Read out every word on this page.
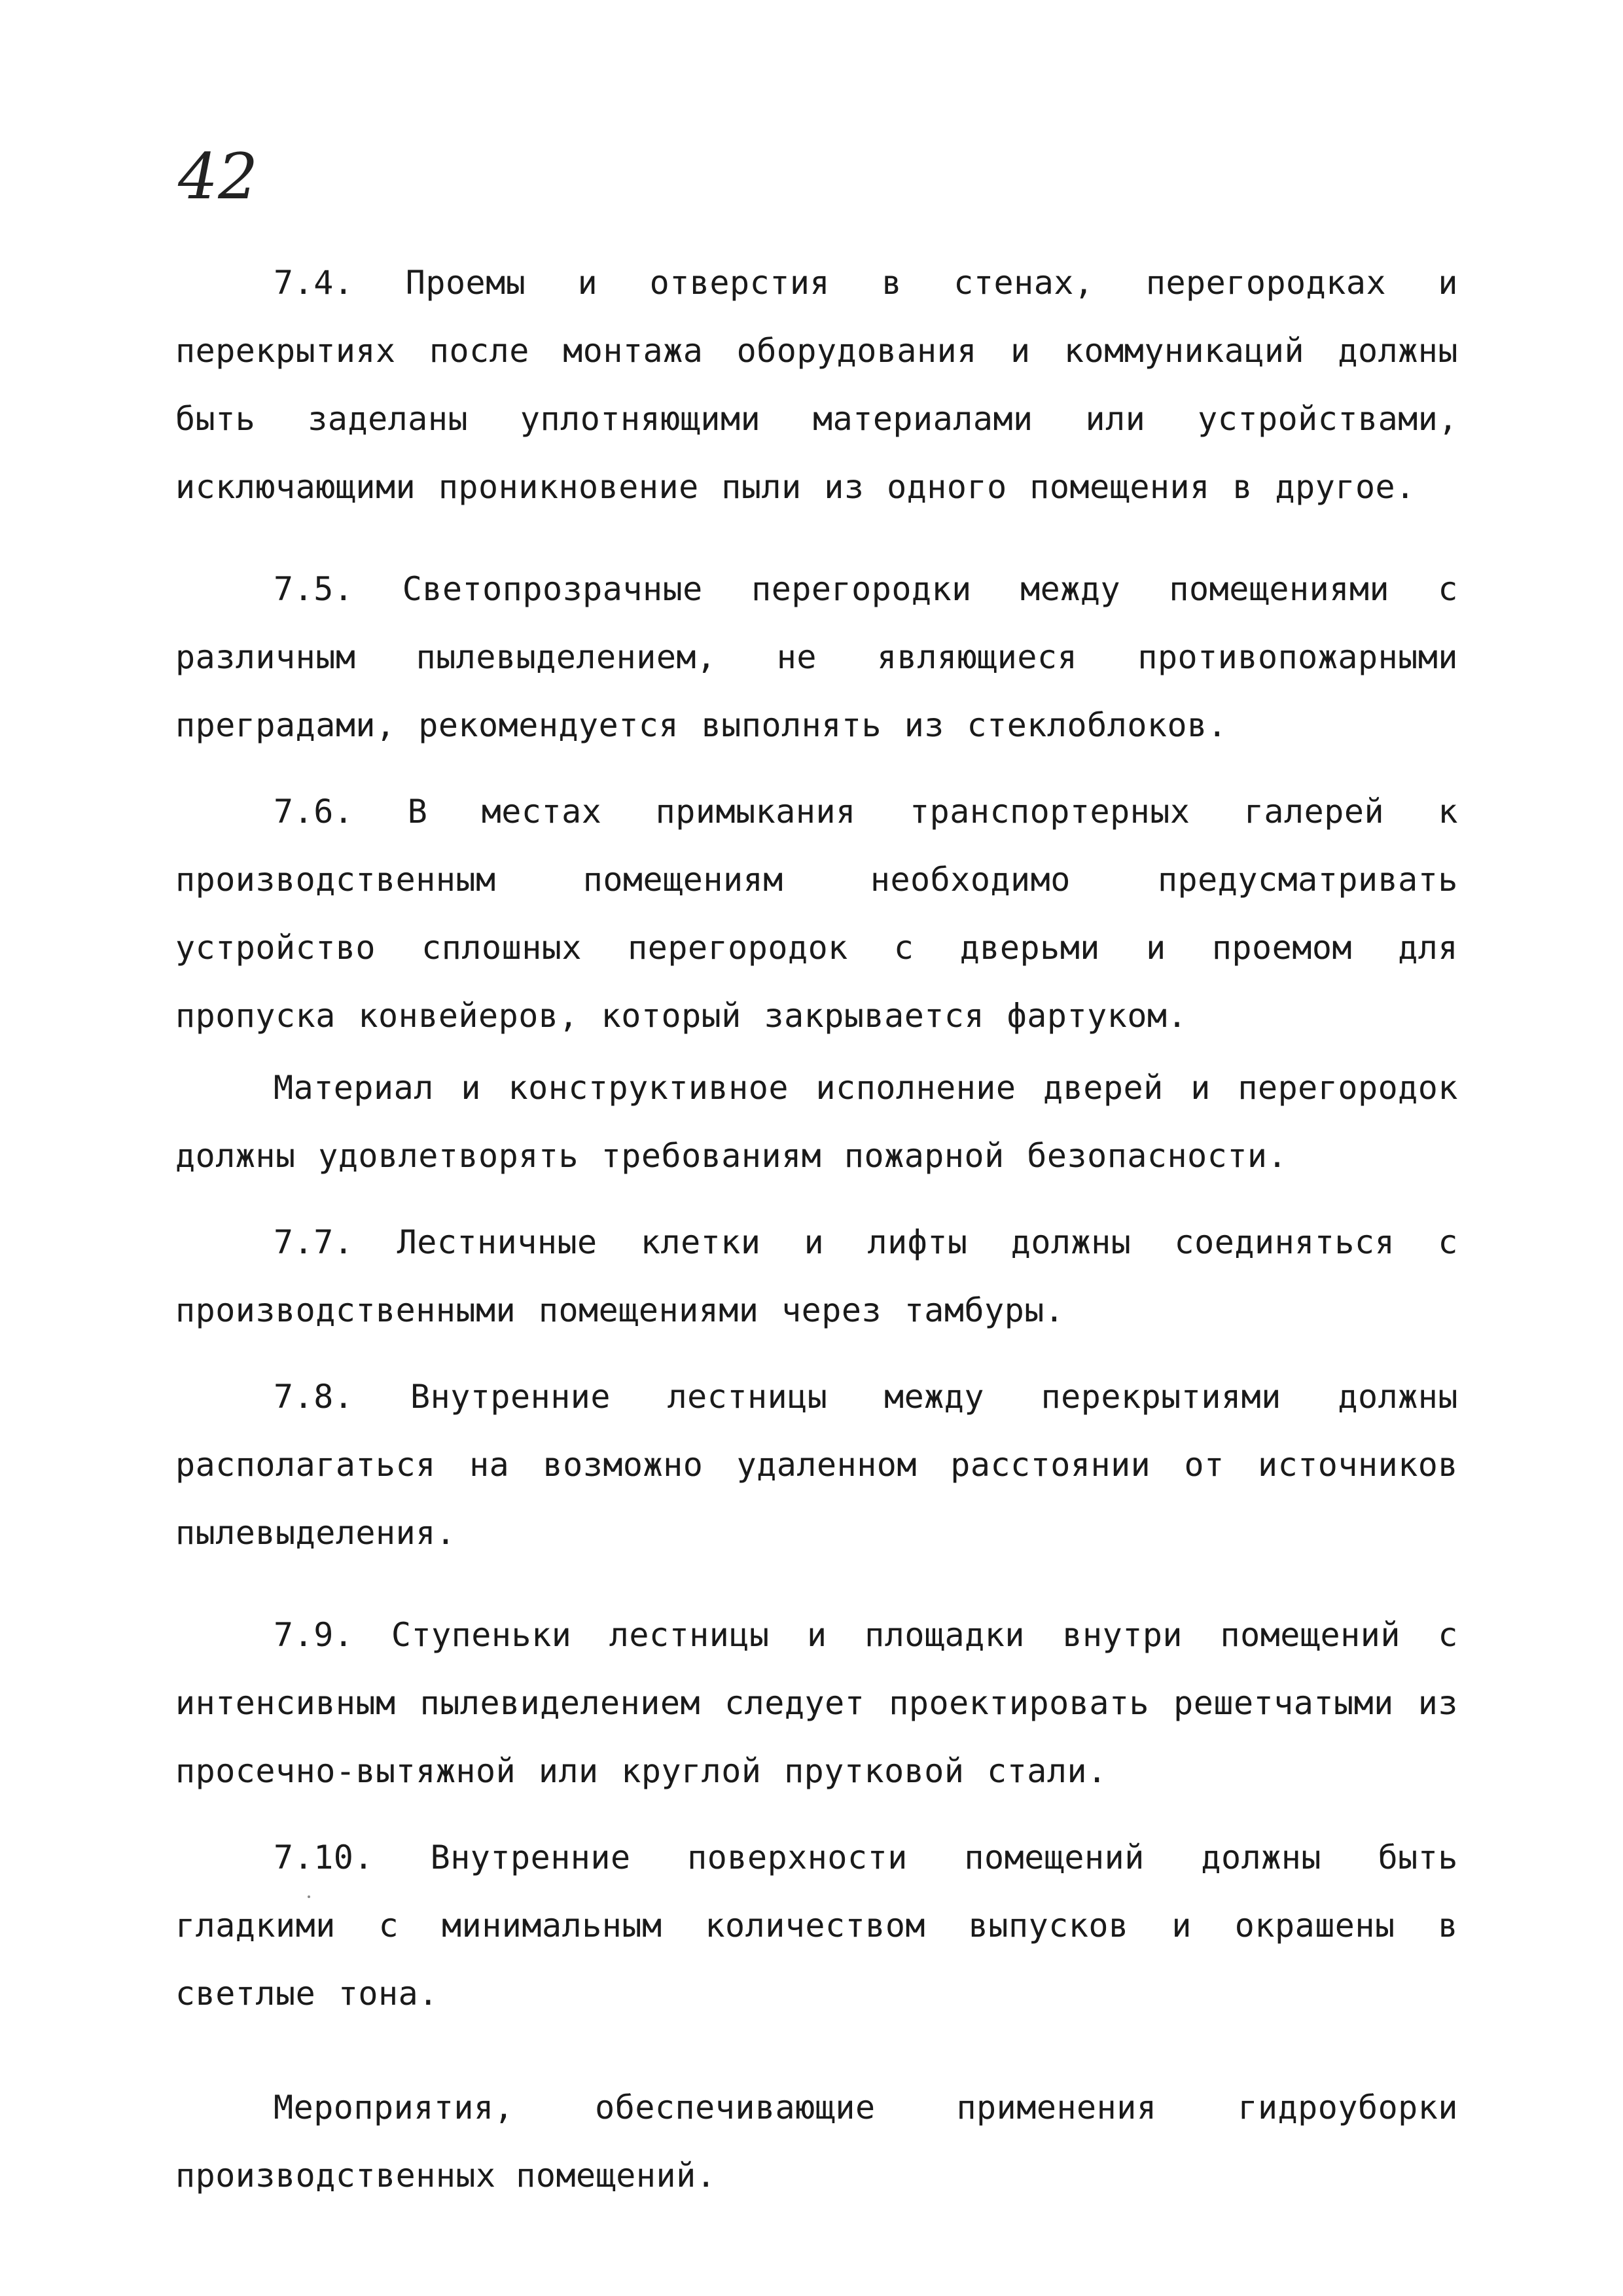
42

7.4. Проемы и отверстия в стенах, перегородках и перекрытиях после монтажа оборудования и коммуникаций должны быть заделаны уплотняющими материалами или устройствами, исключающими проникновение пыли из одного помещения в другое.

7.5. Светопрозрачные перегородки между помещениями с различным пылевыделением, не являющиеся противопожарными преградами, рекомендуется выполнять из стеклоблоков.

7.6. В местах примыкания транспортерных галерей к производственным помещениям необходимо предусматривать устройство сплошных перегородок с дверьми и проемом для пропуска конвейеров, который закрывается фартуком.

Материал и конструктивное исполнение дверей и перегородок должны удовлетворять требованиям пожарной безопасности.

7.7. Лестничные клетки и лифты должны соединяться с производственными помещениями через тамбуры.

7.8. Внутренние лестницы между перекрытиями должны располагаться на возможно удаленном расстоянии от источников пылевыделения.

7.9. Ступеньки лестницы и площадки внутри помещений с интенсивным пылевиделением следует проектировать решетчатыми из просечно-вытяжной или круглой прутковой стали.

7.10. Внутренние поверхности помещений должны быть гладкими с минимальным количеством выпусков и окрашены в светлые тона.

Мероприятия, обеспечивающие применения гидроуборки производственных помещений.
